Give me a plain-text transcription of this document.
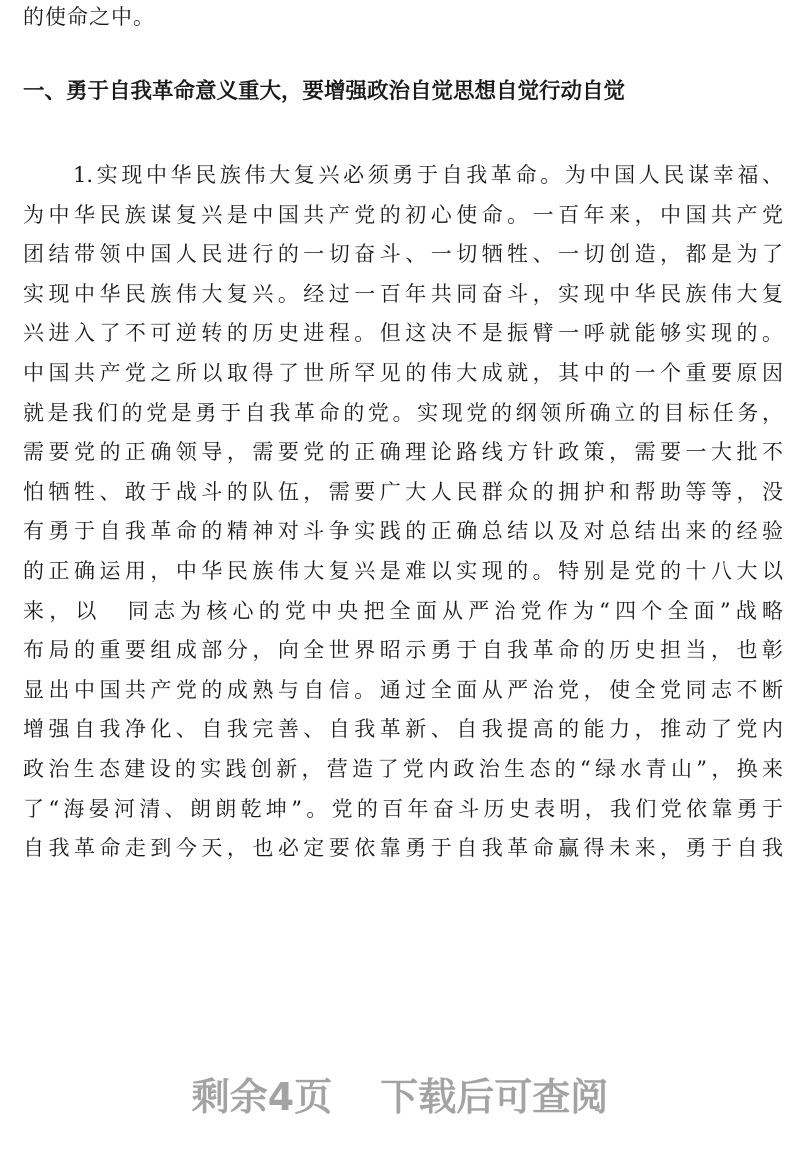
的使命之中。
一、勇于自我革命意义重大，要增强政治自觉思想自觉行动自觉
1.实现中华民族伟大复兴必须勇于自我革命。为中国人民谋幸福、
为中华民族谋复兴是中国共产党的初心使命。一百年来，中国共产党
团结带领中国人民进行的一切奋斗、一切牺牲、一切创造，都是为了
实现中华民族伟大复兴。经过一百年共同奋斗，实现中华民族伟大复
兴进入了不可逆转的历史进程。但这决不是振臂一呼就能够实现的。
中国共产党之所以取得了世所罕见的伟大成就，其中的一个重要原因
就是我们的党是勇于自我革命的党。实现党的纲领所确立的目标任务，
需要党的正确领导，需要党的正确理论路线方针政策，需要一大批不
怕牺牲、敢于战斗的队伍，需要广大人民群众的拥护和帮助等等，没
有勇于自我革命的精神对斗争实践的正确总结以及对总结出来的经验
的正确运用，中华民族伟大复兴是难以实现的。特别是党的十八大以
来，以　同志为核心的党中央把全面从严治党作为“四个全面”战略
布局的重要组成部分，向全世界昭示勇于自我革命的历史担当，也彰
显出中国共产党的成熟与自信。通过全面从严治党，使全党同志不断
增强自我净化、自我完善、自我革新、自我提高的能力，推动了党内
政治生态建设的实践创新，营造了党内政治生态的“绿水青山”，换来
了“海晏河清、朗朗乾坤”。党的百年奋斗历史表明，我们党依靠勇于
自我革命走到今天，也必定要依靠勇于自我革命赢得未来，勇于自我
剩余4页 下载后可查阅
